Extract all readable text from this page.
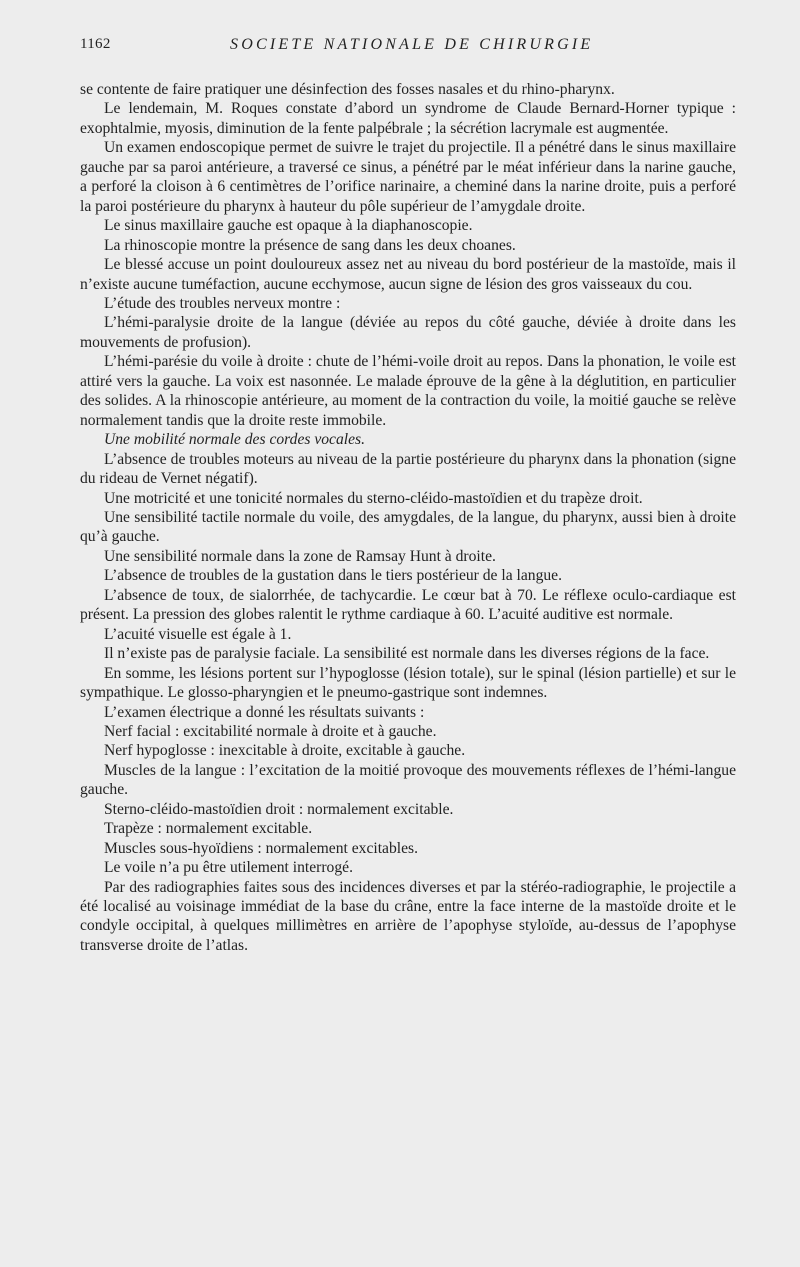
1162	SOCIETE NATIONALE DE CHIRURGIE

se contente de faire pratiquer une désinfection des fosses nasales et du rhino-pharynx.

Le lendemain, M. Roques constate d’abord un syndrome de Claude Bernard-Horner typique : exophtalmie, myosis, diminution de la fente palpébrale ; la sécrétion lacrymale est augmentée.

Un examen endoscopique permet de suivre le trajet du projectile. Il a pénétré dans le sinus maxillaire gauche par sa paroi antérieure, a traversé ce sinus, a pénétré par le méat inférieur dans la narine gauche, a perforé la cloison à 6 centimètres de l’orifice narinaire, a cheminé dans la narine droite, puis a perforé la paroi postérieure du pharynx à hauteur du pôle supérieur de l’amygdale droite.

Le sinus maxillaire gauche est opaque à la diaphanoscopie.

La rhinoscopie montre la présence de sang dans les deux choanes.

Le blessé accuse un point douloureux assez net au niveau du bord postérieur de la mastoïde, mais il n’existe aucune tuméfaction, aucune ecchymose, aucun signe de lésion des gros vaisseaux du cou.

L’étude des troubles nerveux montre :

L’hémi-paralysie droite de la langue (déviée au repos du côté gauche, déviée à droite dans les mouvements de profusion).

L’hémi-parésie du voile à droite : chute de l’hémi-voile droit au repos. Dans la phonation, le voile est attiré vers la gauche. La voix est nasonnée. Le malade éprouve de la gêne à la déglutition, en particulier des solides. A la rhinoscopie antérieure, au moment de la contraction du voile, la moitié gauche se relève normalement tandis que la droite reste immobile.

Une mobilité normale des cordes vocales.

L’absence de troubles moteurs au niveau de la partie postérieure du pharynx dans la phonation (signe du rideau de Vernet négatif).

Une motricité et une tonicité normales du sterno-cléido-mastoïdien et du trapèze droit.

Une sensibilité tactile normale du voile, des amygdales, de la langue, du pharynx, aussi bien à droite qu’à gauche.

Une sensibilité normale dans la zone de Ramsay Hunt à droite.

L’absence de troubles de la gustation dans le tiers postérieur de la langue.

L’absence de toux, de sialorrhée, de tachycardie. Le cœur bat à 70. Le réflexe oculo-cardiaque est présent. La pression des globes ralentit le rythme cardiaque à 60. L’acuité auditive est normale.

L’acuité visuelle est égale à 1.

Il n’existe pas de paralysie faciale. La sensibilité est normale dans les diverses régions de la face.

En somme, les lésions portent sur l’hypoglosse (lésion totale), sur le spinal (lésion partielle) et sur le sympathique. Le glosso-pharyngien et le pneumo-gastrique sont indemnes.

L’examen électrique a donné les résultats suivants :

Nerf facial : excitabilité normale à droite et à gauche.

Nerf hypoglosse : inexcitable à droite, excitable à gauche.

Muscles de la langue : l’excitation de la moitié provoque des mouvements réflexes de l’hémi-langue gauche.

Sterno-cléido-mastoïdien droit : normalement excitable.

Trapèze : normalement excitable.

Muscles sous-hyoïdiens : normalement excitables.

Le voile n’a pu être utilement interrogé.

Par des radiographies faites sous des incidences diverses et par la stéréo-radiographie, le projectile a été localisé au voisinage immédiat de la base du crâne, entre la face interne de la mastoïde droite et le condyle occipital, à quelques millimètres en arrière de l’apophyse styloïde, au-dessus de l’apophyse transverse droite de l’atlas.
